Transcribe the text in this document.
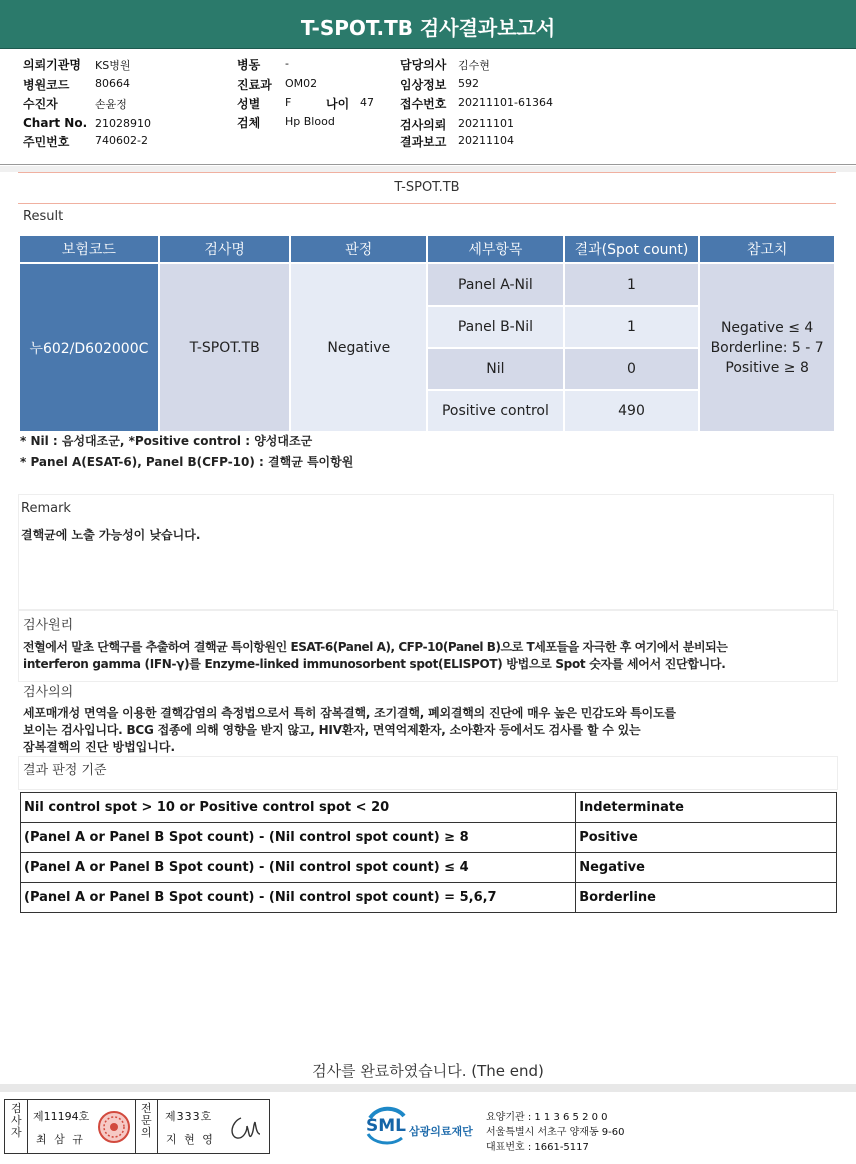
T-SPOT.TB 검사결과보고서
의뢰기관명 KS병원
병원코드 80664
수진자	손윤정
Chart No. 21028910
주민번호 740602-2
병동 -
진료과 OM02
성별 F	나이 47
검체 Hp Blood
담당의사 김수현
임상정보 592
접수번호 20211101-61364
검사의뢰 20211101
결과보고 20211104
T-SPOT.TB
Result
보험코드	검사명	판정	세부항목	결과(Spot count)	참고치
누602/D602000C	T-SPOT.TB	Negative	Panel A-Nil	1	Negative ≤ 4
Borderline: 5 - 7
Positive ≥ 8

			Panel B-Nil	1	
			Nil	0	
			Positive control	490	
* Nil : 음성대조군, *Positive control : 양성대조군
* Panel A(ESAT-6), Panel B(CFP-10) : 결핵균 특이항원
Remark
결핵균에 노출 가능성이 낮습니다.
검사원리
전혈에서 말초 단핵구를 추출하여 결핵균 특이항원인 ESAT-6(Panel A), CFP-10(Panel B)으로 T세포들을 자극한 후 여기에서 분비되는
interferon gamma (IFN-γ)를 Enzyme-linked immunosorbent spot(ELISPOT) 방법으로 Spot 숫자를 세어서 진단합니다.
검사의의
세포매개성 면역을 이용한 결핵감염의 측정법으로서 특히 잠복결핵, 조기결핵, 폐외결핵의 진단에 매우 높은 민감도와 특이도를
보이는 검사입니다. BCG 접종에 의해 영향을 받지 않고, HIV환자, 면역억제환자, 소아환자 등에서도 검사를 할 수 있는
잠복결핵의 진단 방법입니다.
결과 판정 기준
Nil control spot > 10 or Positive control spot < 20	Indeterminate
(Panel A or Panel B Spot count) - (Nil control spot count) ≥ 8	Positive
(Panel A or Panel B Spot count) - (Nil control spot count) ≤ 4	Negative
(Panel A or Panel B Spot count) - (Nil control spot count) = 5,6,7	Borderline
검사를 완료하였습니다. (The end)
검사자
제11194호
최 삼 규
전문의
제333호
지 현 영
SML 삼광의료재단
요양기관 : 1 1 3 6 5 2 0 0
서울특별시 서초구 양재동 9-60
대표번호 : 1661-5117
